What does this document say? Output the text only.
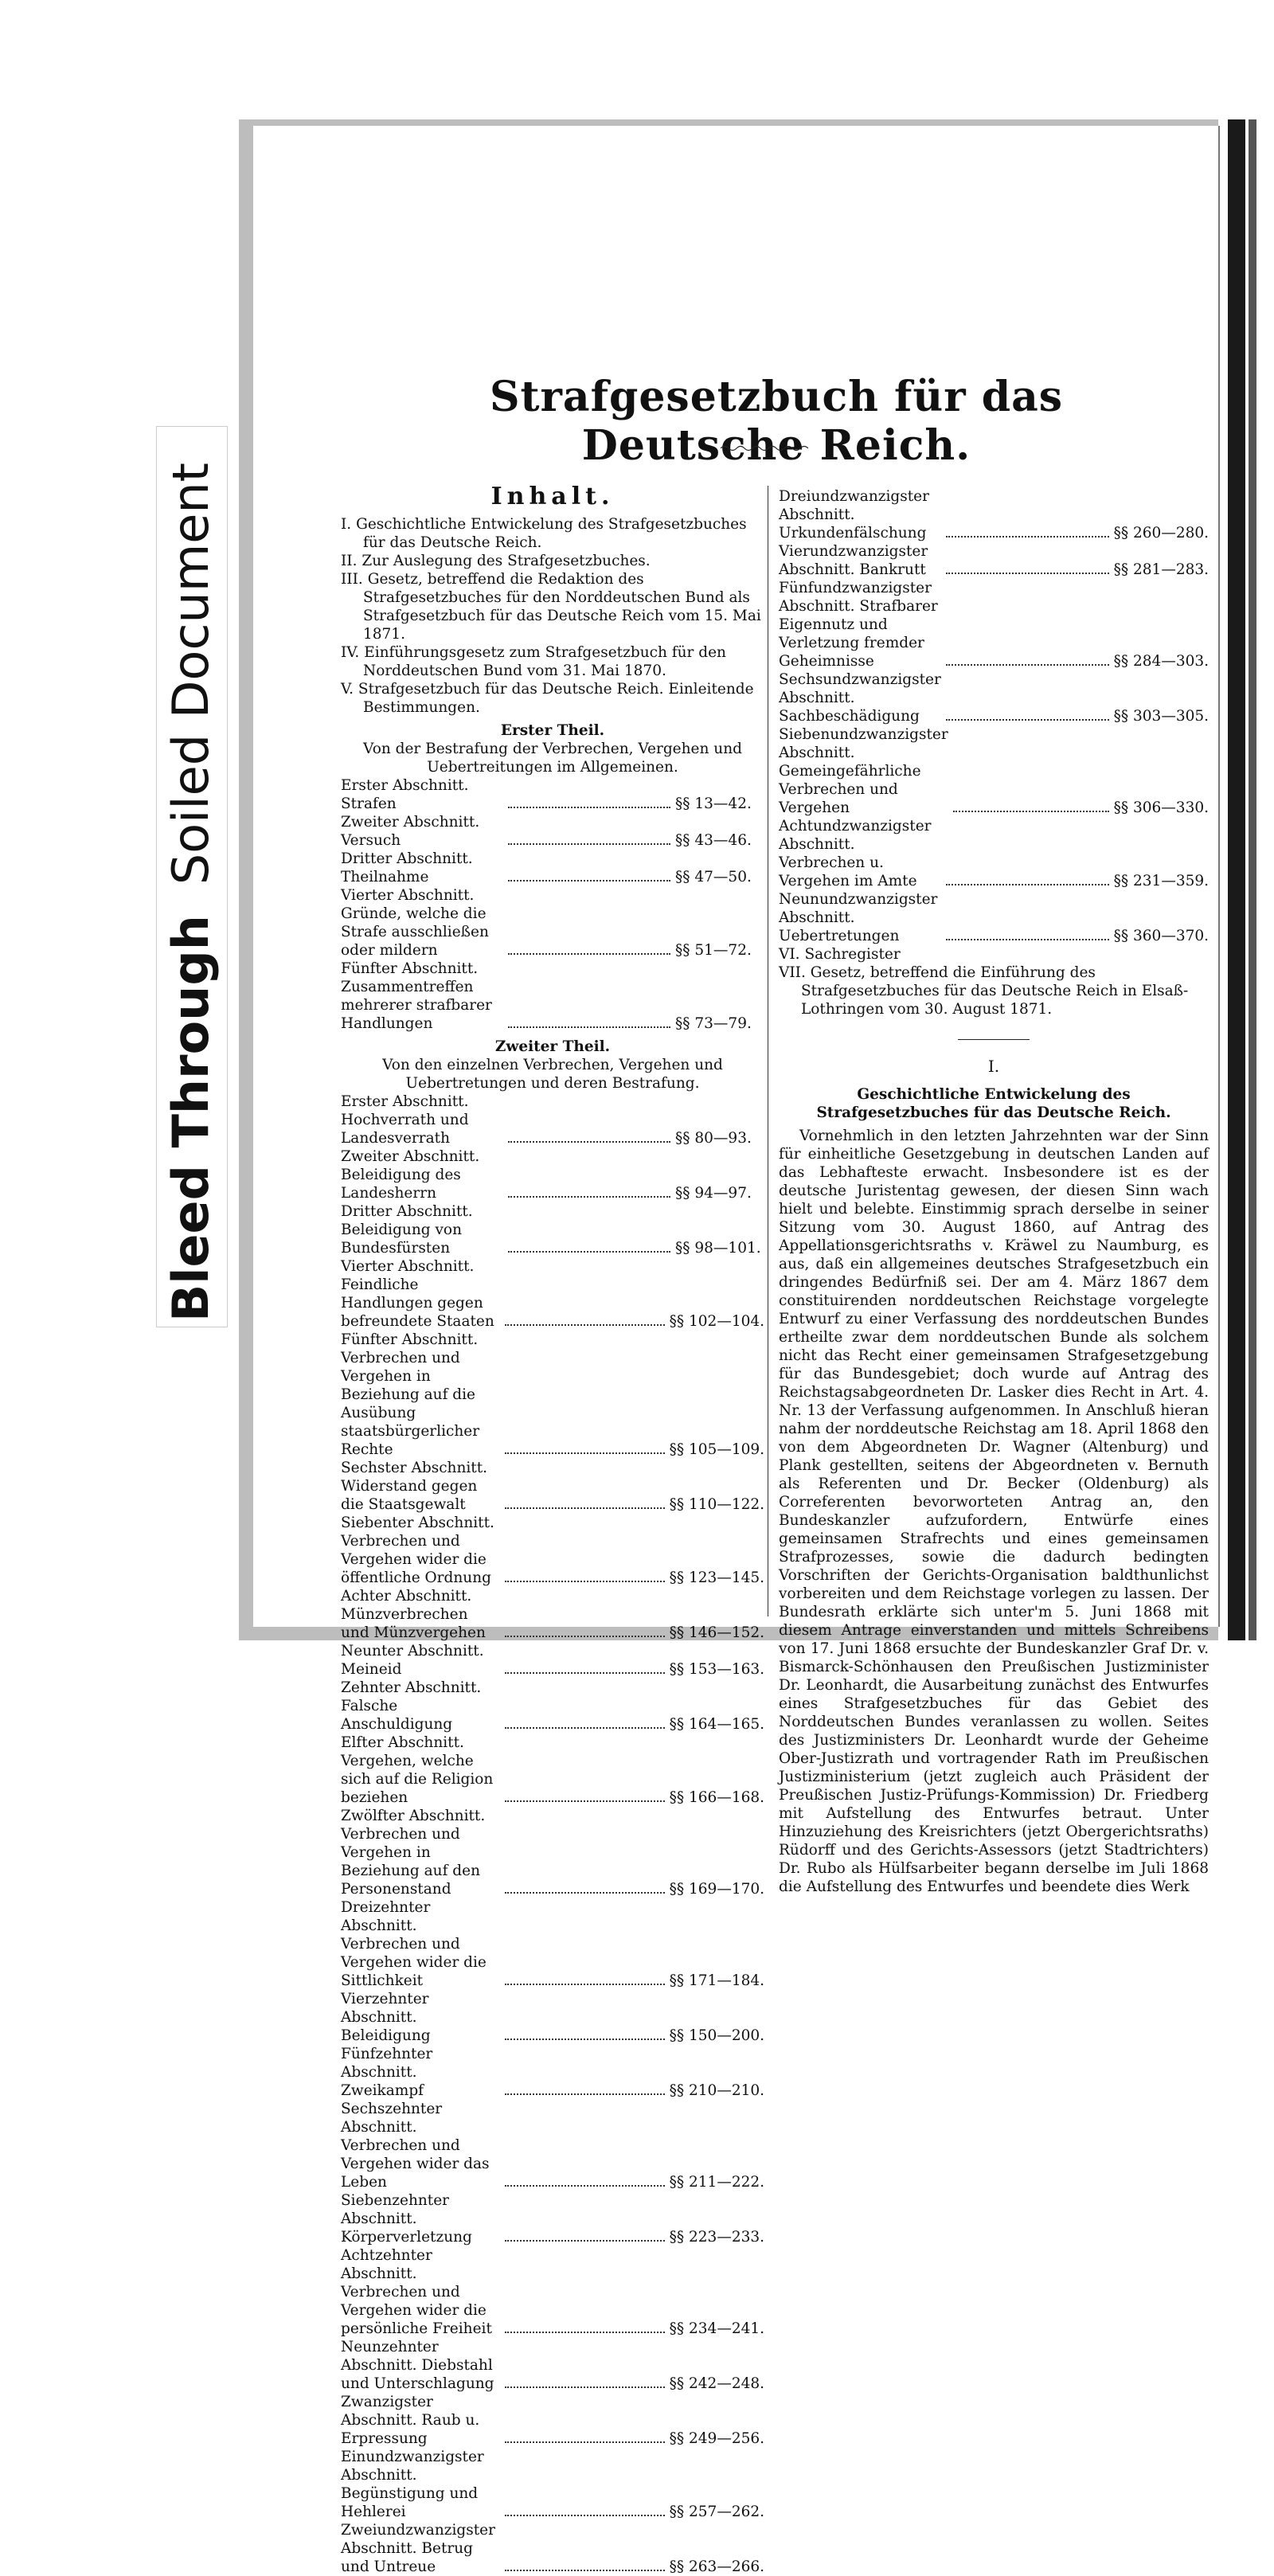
Bleed ThroughSoiled Document
Strafgesetzbuch für das Deutsche Reich.
Inhalt.
I. Geschichtliche Entwickelung des Strafgesetzbuches für das Deutsche Reich.
II. Zur Auslegung des Strafgesetzbuches.
III. Gesetz, betreffend die Redaktion des Strafgesetzbuches für den Norddeutschen Bund als Strafgesetzbuch für das Deutsche Reich vom 15. Mai 1871.
IV. Einführungsgesetz zum Strafgesetzbuch für den Norddeutschen Bund vom 31. Mai 1870.
V. Strafgesetzbuch für das Deutsche Reich. Einleitende Bestimmungen.
Erster Theil.
Von der Bestrafung der Verbrechen, Vergehen und Uebertreitungen im Allgemeinen.
Erster Abschnitt. Strafen	§§ 13—42.
Zweiter Abschnitt. Versuch	§§ 43—46.
Dritter Abschnitt. Theilnahme	§§ 47—50.
Vierter Abschnitt. Gründe, welche die Strafe ausschließen oder mildern	§§ 51—72.
Fünfter Abschnitt. Zusammentreffen mehrerer strafbarer Handlungen	§§ 73—79.
Zweiter Theil.
Von den einzelnen Verbrechen, Vergehen und Uebertretungen und deren Bestrafung.
Erster Abschnitt. Hochverrath und Landesverrath	§§ 80—93.
Zweiter Abschnitt. Beleidigung des Landesherrn	§§ 94—97.
Dritter Abschnitt. Beleidigung von Bundesfürsten	§§ 98—101.
Vierter Abschnitt. Feindliche Handlungen gegen befreundete Staaten	§§ 102—104.
Fünfter Abschnitt. Verbrechen und Vergehen in Beziehung auf die Ausübung staatsbürgerlicher Rechte	§§ 105—109.
Sechster Abschnitt. Widerstand gegen die Staatsgewalt	§§ 110—122.
Siebenter Abschnitt. Verbrechen und Vergehen wider die öffentliche Ordnung	§§ 123—145.
Achter Abschnitt. Münzverbrechen und Münzvergehen	§§ 146—152.
Neunter Abschnitt. Meineid	§§ 153—163.
Zehnter Abschnitt. Falsche Anschuldigung	§§ 164—165.
Elfter Abschnitt. Vergehen, welche sich auf die Religion beziehen	§§ 166—168.
Zwölfter Abschnitt. Verbrechen und Vergehen in Beziehung auf den Personenstand	§§ 169—170.
Dreizehnter Abschnitt. Verbrechen und Vergehen wider die Sittlichkeit	§§ 171—184.
Vierzehnter Abschnitt. Beleidigung	§§ 150—200.
Fünfzehnter Abschnitt. Zweikampf	§§ 210—210.
Sechszehnter Abschnitt. Verbrechen und Vergehen wider das Leben	§§ 211—222.
Siebenzehnter Abschnitt. Körperverletzung	§§ 223—233.
Achtzehnter Abschnitt. Verbrechen und Vergehen wider die persönliche Freiheit	§§ 234—241.
Neunzehnter Abschnitt. Diebstahl und Unterschlagung	§§ 242—248.
Zwanzigster Abschnitt. Raub u. Erpressung	§§ 249—256.
Einundzwanzigster Abschnitt. Begünstigung und Hehlerei	§§ 257—262.
Zweiundzwanzigster Abschnitt. Betrug und Untreue	§§ 263—266.
Dreiundzwanzigster Abschnitt. Urkundenfälschung	§§ 260—280.
Vierundzwanzigster Abschnitt. Bankrutt	§§ 281—283.
Fünfundzwanzigster Abschnitt. Strafbarer Eigennutz und Verletzung fremder Geheimnisse	§§ 284—303.
Sechsundzwanzigster Abschnitt. Sachbeschädigung	§§ 303—305.
Siebenundzwanzigster Abschnitt. Gemeingefährliche Verbrechen und Vergehen	§§ 306—330.
Achtundzwanzigster Abschnitt. Verbrechen u. Vergehen im Amte	§§ 231—359.
Neunundzwanzigster Abschnitt. Uebertretungen	§§ 360—370.
VI. Sachregister
VII. Gesetz, betreffend die Einführung des Strafgesetzbuches für das Deutsche Reich in Elsaß-Lothringen vom 30. August 1871.
I.
Geschichtliche Entwickelung des Strafgesetzbuches für das Deutsche Reich.
Vornehmlich in den letzten Jahrzehnten war der Sinn für einheitliche Gesetzgebung in deutschen Landen auf das Lebhafteste erwacht. Insbesondere ist es der deutsche Juristentag gewesen, der diesen Sinn wach hielt und belebte. Einstimmig sprach derselbe in seiner Sitzung vom 30. August 1860, auf Antrag des Appellationsgerichtsraths v. Kräwel zu Naumburg, es aus, daß ein allgemeines deutsches Strafgesetzbuch ein dringendes Bedürfniß sei. Der am 4. März 1867 dem constituirenden norddeutschen Reichstage vorgelegte Entwurf zu einer Verfassung des norddeutschen Bundes ertheilte zwar dem norddeutschen Bunde als solchem nicht das Recht einer gemeinsamen Strafgesetzgebung für das Bundesgebiet; doch wurde auf Antrag des Reichstagsabgeordneten Dr. Lasker dies Recht in Art. 4. Nr. 13 der Verfassung aufgenommen. In Anschluß hieran nahm der norddeutsche Reichstag am 18. April 1868 den von dem Abgeordneten Dr. Wagner (Altenburg) und Plank gestellten, seitens der Abgeordneten v. Bernuth als Referenten und Dr. Becker (Oldenburg) als Correferenten bevorworteten Antrag an, den Bundeskanzler aufzufordern, Entwürfe eines gemeinsamen Strafrechts und eines gemeinsamen Strafprozesses, sowie die dadurch bedingten Vorschriften der Gerichts-Organisation baldthunlichst vorbereiten und dem Reichstage vorlegen zu lassen. Der Bundesrath erklärte sich unter'm 5. Juni 1868 mit diesem Antrage einverstanden und mittels Schreibens von 17. Juni 1868 ersuchte der Bundeskanzler Graf Dr. v. Bismarck-Schönhausen den Preußischen Justizminister Dr. Leonhardt, die Ausarbeitung zunächst des Entwurfes eines Strafgesetzbuches für das Gebiet des Norddeutschen Bundes veranlassen zu wollen. Seites des Justizministers Dr. Leonhardt wurde der Geheime Ober-Justizrath und vortragender Rath im Preußischen Justizministerium (jetzt zugleich auch Präsident der Preußischen Justiz-Prüfungs-Kommission) Dr. Friedberg mit Aufstellung des Entwurfes betraut. Unter Hinzuziehung des Kreisrichters (jetzt Obergerichtsraths) Rüdorff und des Gerichts-Assessors (jetzt Stadtrichters) Dr. Rubo als Hülfsarbeiter begann derselbe im Juli 1868 die Aufstellung des Entwurfes und beendete dies Werk
